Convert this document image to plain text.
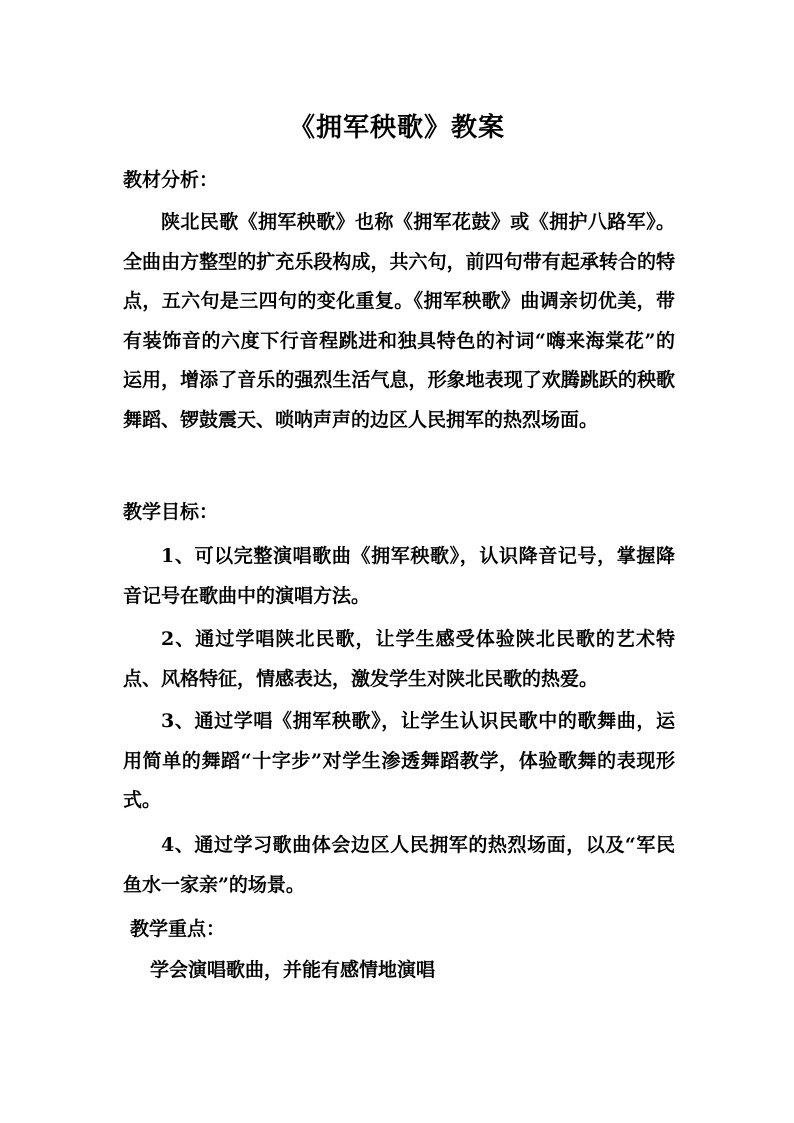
《拥军秧歌》教案
教材分析：

陕北民歌《拥军秧歌》也称《拥军花鼓》或《拥护八路军》。全曲由方整型的扩充乐段构成，共六句，前四句带有起承转合的特点，五六句是三四句的变化重复。《拥军秧歌》曲调亲切优美，带有装饰音的六度下行音程跳进和独具特色的衬词“嗨来海棠花”的运用，增添了音乐的强烈生活气息，形象地表现了欢腾跳跃的秧歌舞蹈、锣鼓震天、唢呐声声的边区人民拥军的热烈场面。

教学目标：

1、可以完整演唱歌曲《拥军秧歌》，认识降音记号，掌握降音记号在歌曲中的演唱方法。

2、通过学唱陕北民歌，让学生感受体验陕北民歌的艺术特点、风格特征，情感表达，激发学生对陕北民歌的热爱。

3、通过学唱《拥军秧歌》，让学生认识民歌中的歌舞曲，运用简单的舞蹈“十字步”对学生渗透舞蹈教学，体验歌舞的表现形式。

4、通过学习歌曲体会边区人民拥军的热烈场面，以及“军民鱼水一家亲”的场景。

教学重点：
学会演唱歌曲，并能有感情地演唱
